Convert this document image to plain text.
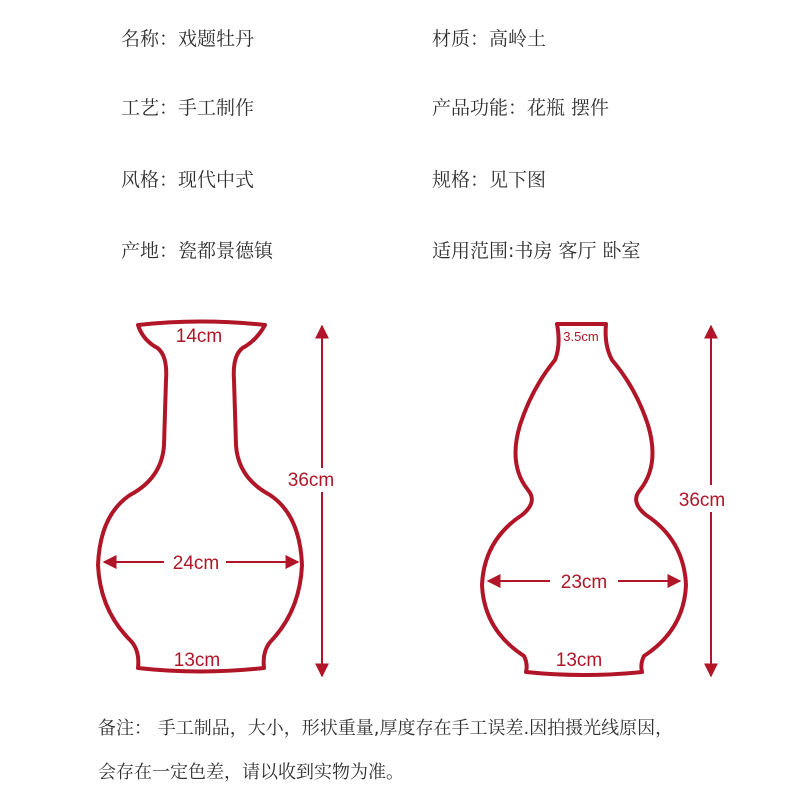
名称：戏题牡丹	材质：高岭土
工艺：手工制作	产品功能：花瓶 摆件
风格：现代中式	规格：见下图
产地：瓷都景德镇	适用范围:书房 客厅 卧室
14cm
36cm
24cm
13cm
3.5cm
36cm
23cm
13cm
备注： 手工制品，大小，形状重量,厚度存在手工误差.因拍摄光线原因，
会存在一定色差，请以收到实物为准。
